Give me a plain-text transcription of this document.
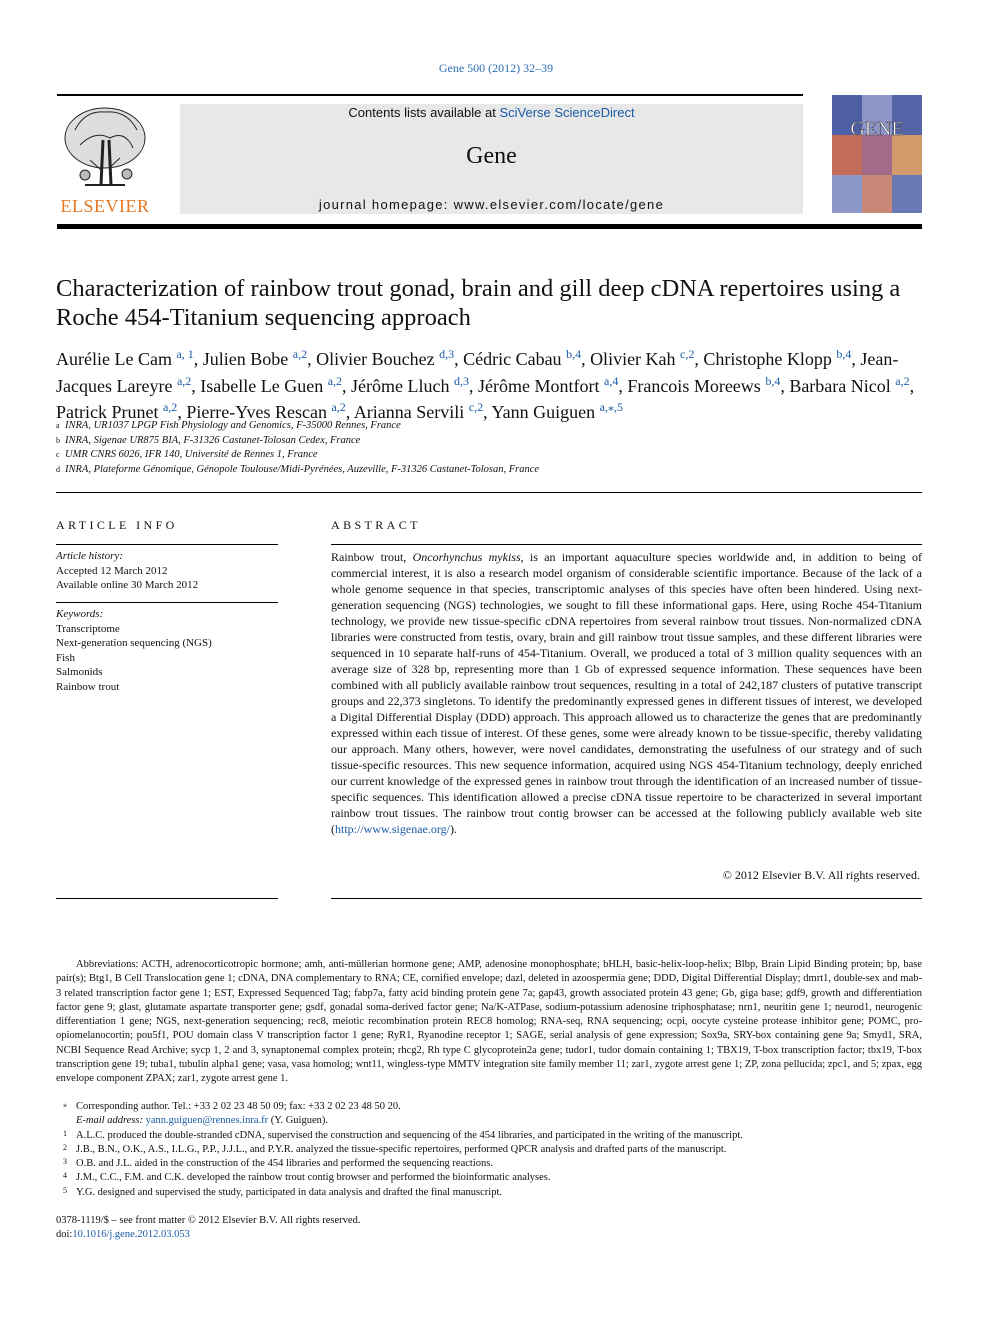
Gene 500 (2012) 32–39
ELSEVIER
Contents lists available at SciVerse ScienceDirect
Gene
journal homepage: www.elsevier.com/locate/gene
GENE
Characterization of rainbow trout gonad, brain and gill deep cDNA repertoires using a Roche 454-Titanium sequencing approach
Aurélie Le Cam $^{a, 1}$, Julien Bobe $^{a,2}$, Olivier Bouchez $^{d,3}$, Cédric Cabau $^{b,4}$, Olivier Kah $^{c,2}$, Christophe Klopp $^{b,4}$, Jean-Jacques Lareyre $^{a,2}$, Isabelle Le Guen $^{a,2}$, Jérôme Lluch $^{d,3}$, Jérôme Montfort $^{a,4}$, Francois Moreews $^{b,4}$, Barbara Nicol $^{a,2}$, Patrick Prunet $^{a,2}$, Pierre-Yves Rescan $^{a,2}$, Arianna Servili $^{c,2}$, Yann Guiguen $^{a,⁎,5}$
a INRA, UR1037 LPGP Fish Physiology and Genomics, F-35000 Rennes, France
b INRA, Sigenae UR875 BIA, F-31326 Castanet-Tolosan Cedex, France
c UMR CNRS 6026, IFR 140, Université de Rennes 1, France
d INRA, Plateforme Génomique, Génopole Toulouse/Midi-Pyrénées, Auzeville, F-31326 Castanet-Tolosan, France
ARTICLE INFO
Article history:
Accepted 12 March 2012
Available online 30 March 2012
Keywords:
Transcriptome
Next-generation sequencing (NGS)
Fish
Salmonids
Rainbow trout
ABSTRACT
Rainbow trout, Oncorhynchus mykiss, is an important aquaculture species worldwide and, in addition to being of commercial interest, it is also a research model organism of considerable scientific importance. Because of the lack of a whole genome sequence in that species, transcriptomic analyses of this species have often been hindered. Using next-generation sequencing (NGS) technologies, we sought to fill these informational gaps. Here, using Roche 454-Titanium technology, we provide new tissue-specific cDNA repertoires from several rainbow trout tissues. Non-normalized cDNA libraries were constructed from testis, ovary, brain and gill rainbow trout tissue samples, and these different libraries were sequenced in 10 separate half-runs of 454-Titanium. Overall, we produced a total of 3 million quality sequences with an average size of 328 bp, representing more than 1 Gb of expressed sequence information. These sequences have been combined with all publicly available rainbow trout sequences, resulting in a total of 242,187 clusters of putative transcript groups and 22,373 singletons. To identify the predominantly expressed genes in different tissues of interest, we developed a Digital Differential Display (DDD) approach. This approach allowed us to characterize the genes that are predominantly expressed within each tissue of interest. Of these genes, some were already known to be tissue-specific, thereby validating our approach. Many others, however, were novel candidates, demonstrating the usefulness of our strategy and of such tissue-specific resources. This new sequence information, acquired using NGS 454-Titanium technology, deeply enriched our current knowledge of the expressed genes in rainbow trout through the identification of an increased number of tissue-specific sequences. This identification allowed a precise cDNA tissue repertoire to be characterized in several important rainbow trout tissues. The rainbow trout contig browser can be accessed at the following publicly available web site (http://www.sigenae.org/).
© 2012 Elsevier B.V. All rights reserved.
Abbreviations: ACTH, adrenocorticotropic hormone; amh, anti-müllerian hormone gene; AMP, adenosine monophosphate; bHLH, basic-helix-loop-helix; Blbp, Brain Lipid Binding protein; bp, base pair(s); Btg1, B Cell Translocation gene 1; cDNA, DNA complementary to RNA; CE, cornified envelope; dazl, deleted in azoospermia gene; DDD, Digital Differential Display; dmrt1, double-sex and mab-3 related transcription factor gene 1; EST, Expressed Sequenced Tag; fabp7a, fatty acid binding protein gene 7a; gap43, growth associated protein 43 gene; Gb, giga base; gdf9, growth and differentiation factor gene 9; glast, glutamate aspartate transporter gene; gsdf, gonadal soma-derived factor gene; Na/K-ATPase, sodium-potassium adenosine triphosphatase; nrn1, neuritin gene 1; neurod1, neurogenic differentiation 1 gene; NGS, next-generation sequencing; rec8, meiotic recombination protein REC8 homolog; RNA-seq, RNA sequencing; ocpi, oocyte cysteine protease inhibitor gene; POMC, pro-opiomelanocortin; pou5f1, POU domain class V transcription factor 1 gene; RyR1, Ryanodine receptor 1; SAGE, serial analysis of gene expression; Sox9a, SRY-box containing gene 9a; Smyd1, SRA, NCBI Sequence Read Archive; sycp 1, 2 and 3, synaptonemal complex protein; rhcg2, Rh type C glycoprotein2a gene; tudor1, tudor domain containing 1; TBX19, T-box transcription factor; tbx19, T-box transcription gene 19; tuba1, tubulin alpha1 gene; vasa, vasa homolog; wnt11, wingless-type MMTV integration site family member 11; zar1, zygote arrest gene 1; ZP, zona pellucida; zpc1, and 5; zpax, egg envelope component ZPAX; zar1, zygote arrest gene 1.
⁎ Corresponding author. Tel.: +33 2 02 23 48 50 09; fax: +33 2 02 23 48 50 20.
E-mail address: yann.guiguen@rennes.inra.fr (Y. Guiguen).
1 A.L.C. produced the double-stranded cDNA, supervised the construction and sequencing of the 454 libraries, and participated in the writing of the manuscript.
2 J.B., B.N., O.K., A.S., I.L.G., P.P., J.J.L., and P.Y.R. analyzed the tissue-specific repertoires, performed QPCR analysis and drafted parts of the manuscript.
3 O.B. and J.L. aided in the construction of the 454 libraries and performed the sequencing reactions.
4 J.M., C.C., F.M. and C.K. developed the rainbow trout contig browser and performed the bioinformatic analyses.
5 Y.G. designed and supervised the study, participated in data analysis and drafted the final manuscript.
0378-1119/$ – see front matter © 2012 Elsevier B.V. All rights reserved.
doi:10.1016/j.gene.2012.03.053
